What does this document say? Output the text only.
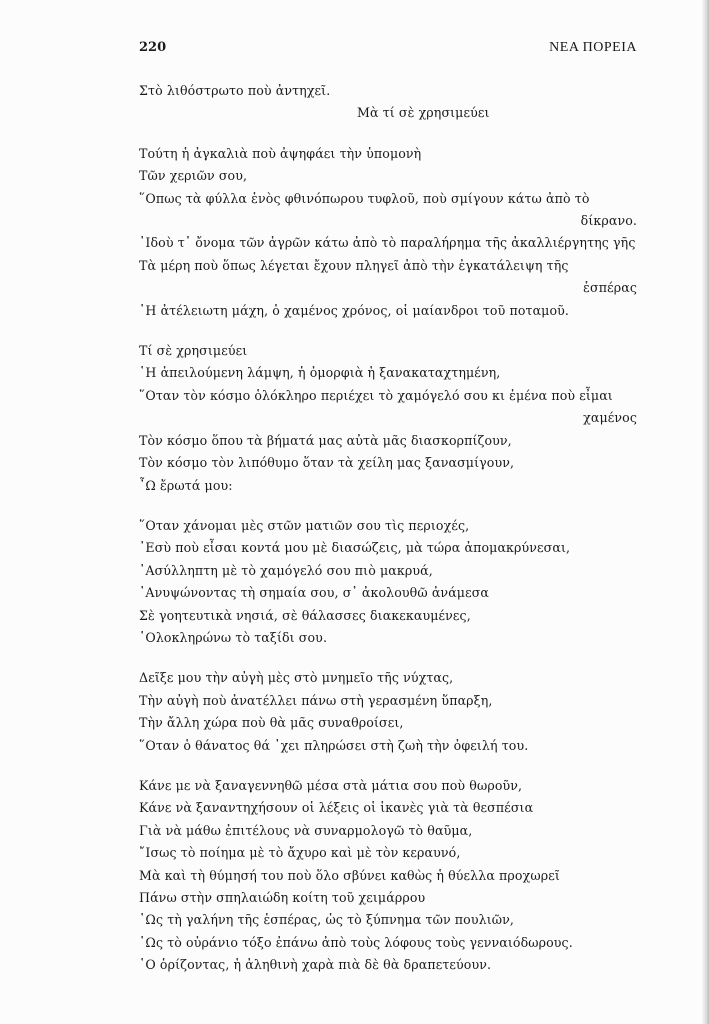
220	ΝΕΑ ΠΟΡΕΙΑ
Στὸ λιθόστρωτο ποὺ ἀντηχεῖ.
Μὰ τί σὲ χρησιμεύει
Τούτη ἡ ἀγκαλιὰ ποὺ ἀψηφάει τὴν ὑπομονὴ
Τῶν χεριῶν σου,
῞Οπως τὰ φύλλα ἑνὸς φθινόπωρου τυφλοῦ, ποὺ σμίγουν κάτω ἀπὸ τὸ
δίκρανο.
᾿Ιδοὺ τ᾿ ὄνομα τῶν ἀγρῶν κάτω ἀπὸ τὸ παραλήρημα τῆς ἀκαλλιέργητης γῆς
Τὰ μέρη ποὺ ὅπως λέγεται ἔχουν πληγεῖ ἀπὸ τὴν ἐγκατάλειψη τῆς
ἑσπέρας
῾Η ἀτέλειωτη μάχη, ὁ χαμένος χρόνος, οἱ μαίανδροι τοῦ ποταμοῦ.
Τί σὲ χρησιμεύει
῾Η ἀπειλούμενη λάμψη, ἡ ὀμορφιὰ ἡ ξανακαταχτημένη,
῞Οταν τὸν κόσμο ὁλόκληρο περιέχει τὸ χαμόγελό σου κι ἐμένα ποὺ εἶμαι
χαμένος
Τὸν κόσμο ὅπου τὰ βήματά μας αὐτὰ μᾶς διασκορπίζουν,
Τὸν κόσμο τὸν λιπόθυμο ὅταν τὰ χείλη μας ξανασμίγουν,
῏Ω ἔρωτά μου:
῞Οταν χάνομαι μὲς στῶν ματιῶν σου τὶς περιοχές,
᾿Εσὺ ποὺ εἶσαι κοντά μου μὲ διασώζεις, μὰ τώρα ἀπομακρύνεσαι,
᾿Ασύλληπτη μὲ τὸ χαμόγελό σου πιὸ μακρυά,
᾿Ανυψώνοντας τὴ σημαία σου, σ᾿ ἀκολουθῶ ἀνάμεσα
Σὲ γοητευτικὰ νησιά, σὲ θάλασσες διακεκαυμένες,
῾Ολοκληρώνω τὸ ταξίδι σου.
Δεῖξε μου τὴν αὐγὴ μὲς στὸ μνημεῖο τῆς νύχτας,
Τὴν αὐγὴ ποὺ ἀνατέλλει πάνω στὴ γερασμένη ὕπαρξη,
Τὴν ἄλλη χώρα ποὺ θὰ μᾶς συναθροίσει,
῞Οταν ὁ θάνατος θά ᾽χει πληρώσει στὴ ζωὴ τὴν ὀφειλή του.
Κάνε με νὰ ξαναγεννηθῶ μέσα στὰ μάτια σου ποὺ θωροῦν,
Κάνε νὰ ξαναντηχήσουν οἱ λέξεις οἱ ἱκανὲς γιὰ τὰ θεσπέσια
Γιὰ νὰ μάθω ἐπιτέλους νὰ συναρμολογῶ τὸ θαῦμα,
῎Ισως τὸ ποίημα μὲ τὸ ἄχυρο καὶ μὲ τὸν κεραυνό,
Μὰ καὶ τὴ θύμησή του ποὺ ὅλο σβύνει καθὼς ἡ θύελλα προχωρεῖ
Πάνω στὴν σπηλαιώδη κοίτη τοῦ χειμάρρου
῾Ως τὴ γαλήνη τῆς ἑσπέρας, ὡς τὸ ξύπνημα τῶν πουλιῶν,
῾Ως τὸ οὐράνιο τόξο ἐπάνω ἀπὸ τοὺς λόφους τοὺς γενναιόδωρους.
῾Ο ὁρίζοντας, ἡ ἀληθινὴ χαρὰ πιὰ δὲ θὰ δραπετεύουν.
